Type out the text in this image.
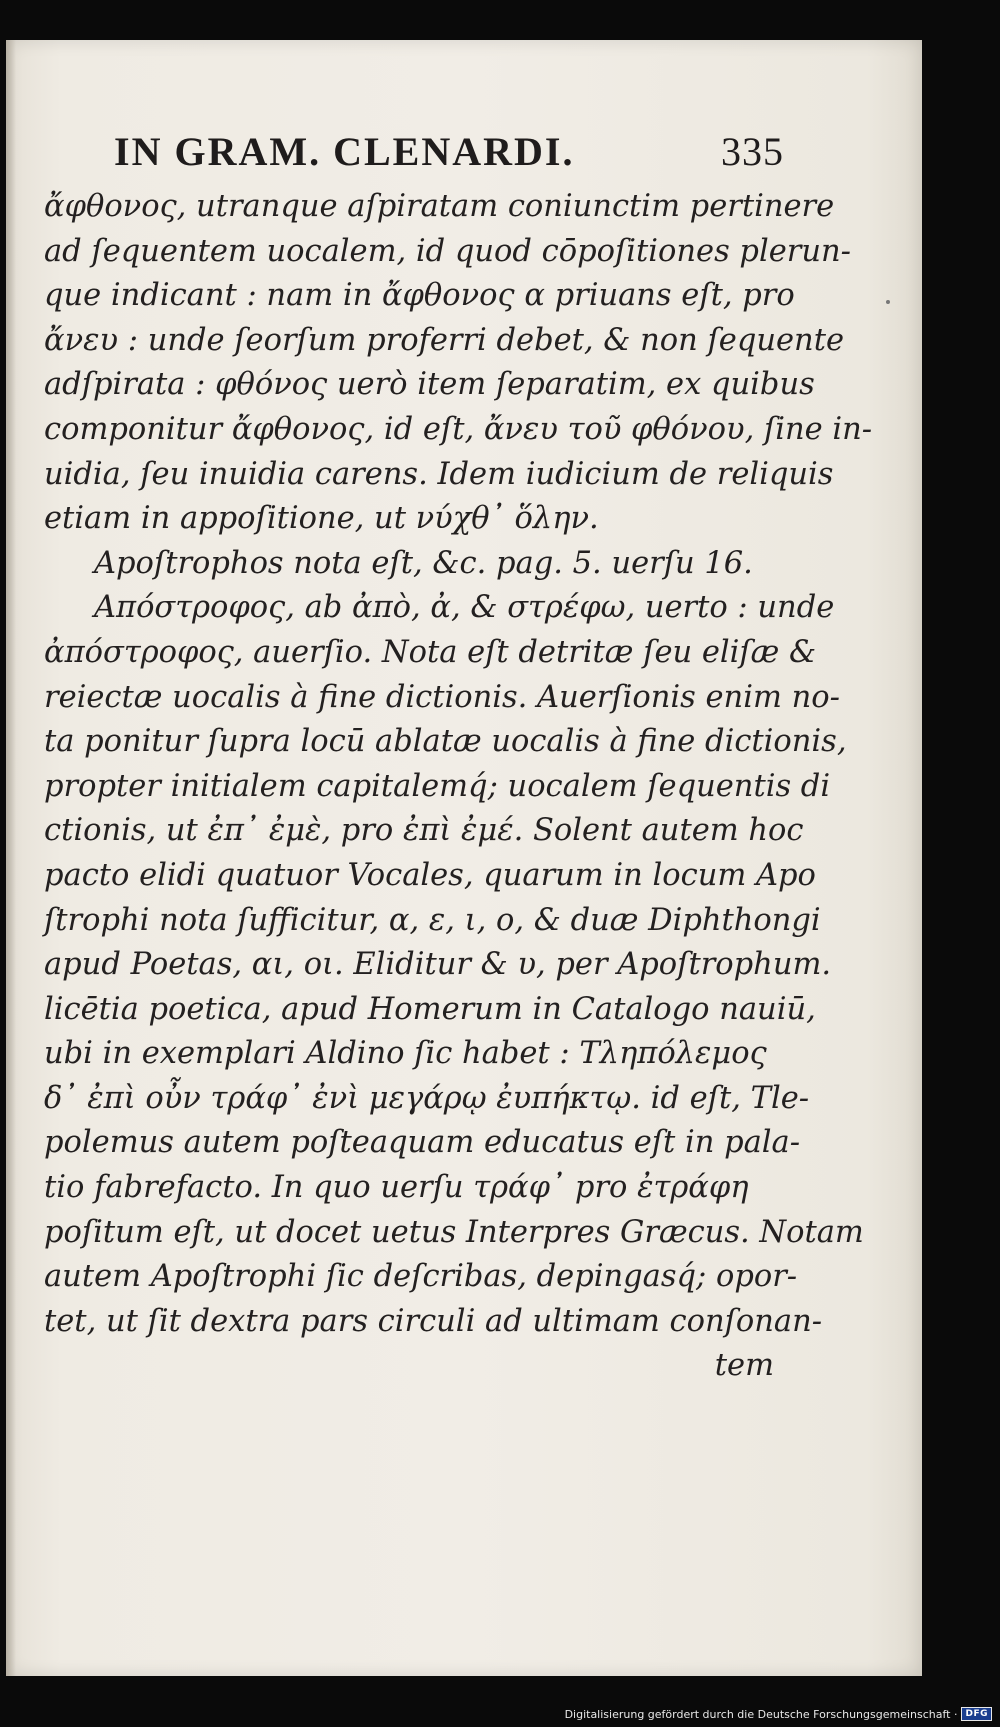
IN GRAM. CLENARDI.	335
ἄφθονος, utranque aſpiratam coniunctim pertinere
ad ſequentem uocalem, id quod cōpoſitiones plerun-
que indicant : nam in ἄφθονος α priuans eſt, pro
ἄνευ : unde ſeorſum proferri debet, & non ſequente
adſpirata : φθόνος uerò item ſeparatim, ex quibus
componitur ἄφθονος, id eſt, ἄνευ τοῦ φθόνου, ſine in-
uidia, ſeu inuidia carens. Idem iudicium de reliquis
etiam in appoſitione, ut νύχθ᾽ ὅλην.
Apoſtrophos nota eſt, &c. pag. 5. uerſu 16.
Απόστροφος, ab ἀπὸ, ἀ, & στρέφω, uerto : unde
ἀπόστροφος, auerſio. Nota eſt detritæ ſeu eliſæ &
reiectæ uocalis à fine dictionis. Auerſionis enim no-
ta ponitur ſupra locū ablatæ uocalis à fine dictionis,
propter initialem capitalemq́; uocalem ſequentis di
ctionis, ut ἐπ᾽ ἐμὲ, pro ἐπὶ ἐμέ. Solent autem hoc
pacto elidi quatuor Vocales, quarum in locum Apo
ſtrophi nota ſufficitur, α, ε, ι, ο, & duæ Diphthongi
apud Poetas, αι, οι. Eliditur & υ, per Apoſtrophum.
licētia poetica, apud Homerum in Catalogo nauiū,
ubi in exemplari Aldino ſic habet : Τληπόλεμος
δ᾽ ἐπὶ οὖν τράφ᾽ ἐνὶ μεγάρῳ ἐυπήκτῳ. id eſt, Tle-
polemus autem poſteaquam educatus eſt in pala-
tio fabrefacto. In quo uerſu τράφ᾽ pro ἐτράφη
poſitum eſt, ut docet uetus Interpres Græcus. Notam
autem Apoſtrophi ſic deſcribas, depingasq́; opor-
tet, ut ſit dextra pars circuli ad ultimam conſonan-
tem
Digitalisierung gefördert durch die Deutsche Forschungsgemeinschaft · DFG
